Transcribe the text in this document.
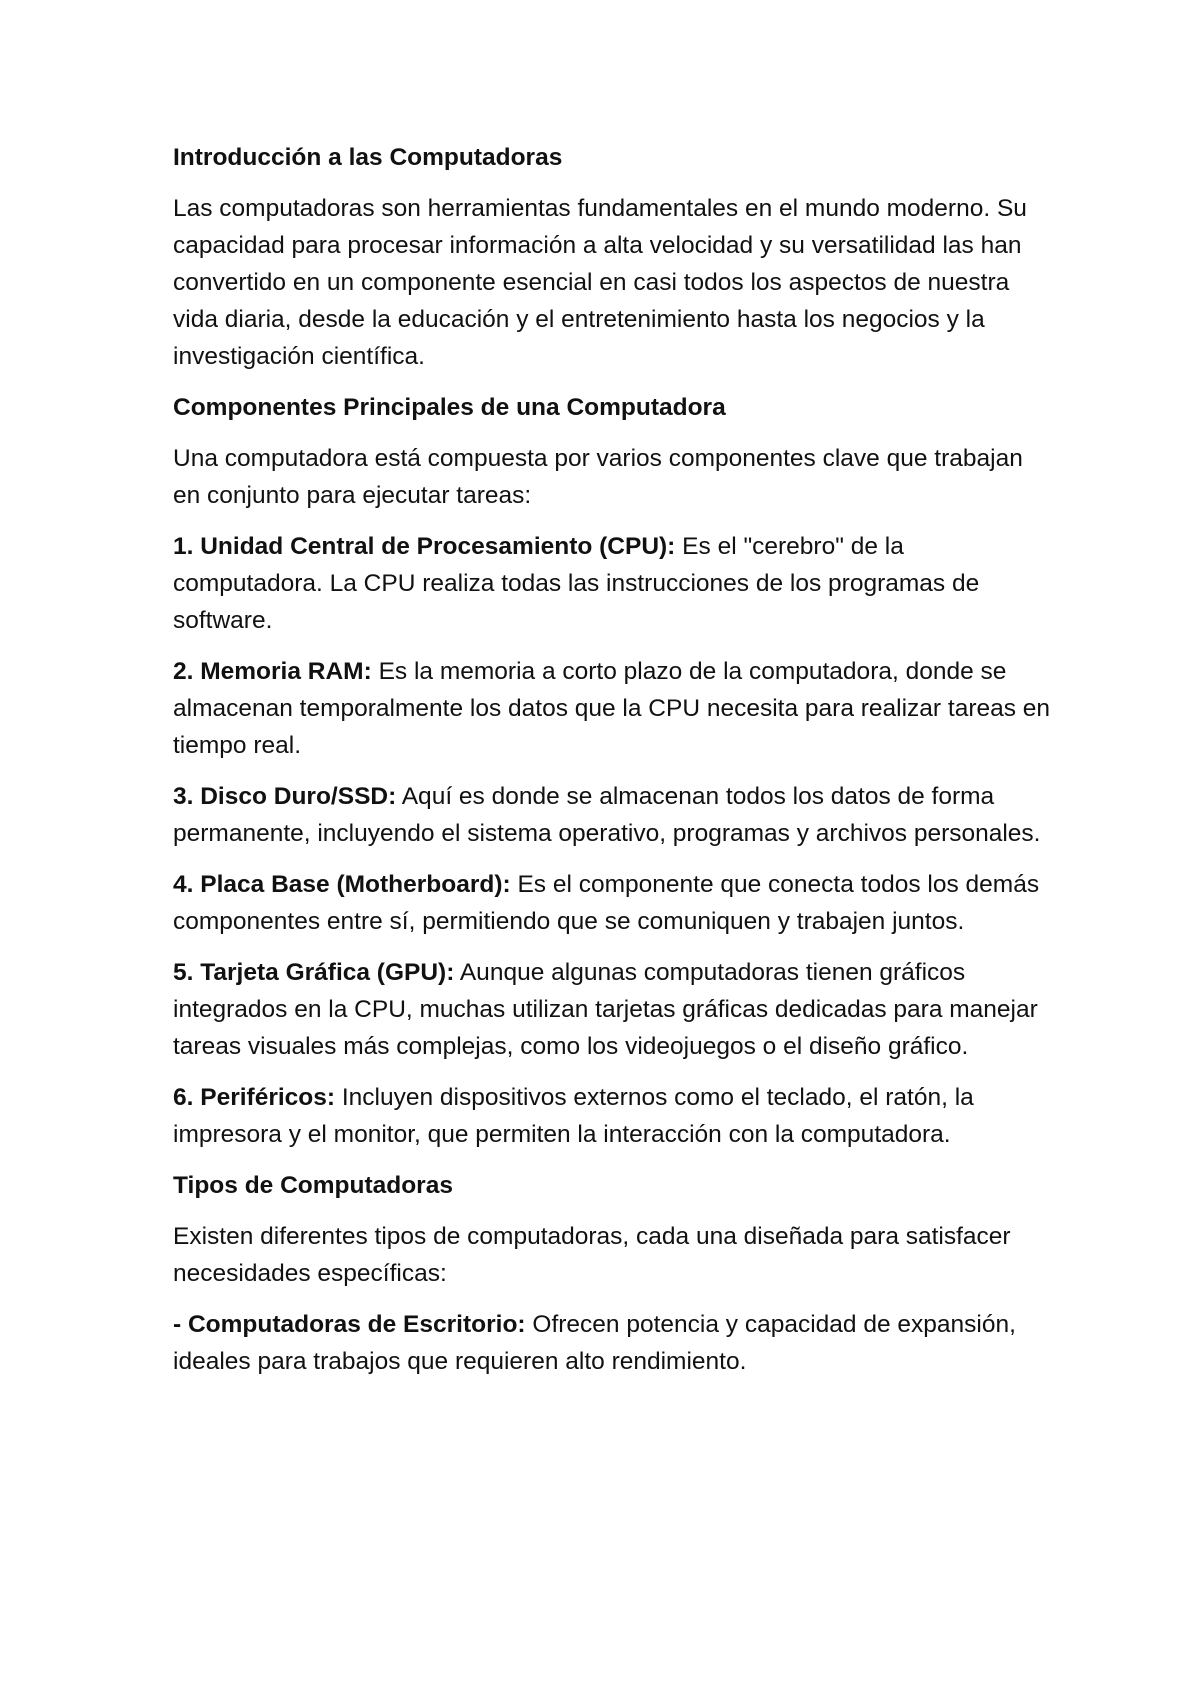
Introducción a las Computadoras
Las computadoras son herramientas fundamentales en el mundo moderno. Su capacidad para procesar información a alta velocidad y su versatilidad las han convertido en un componente esencial en casi todos los aspectos de nuestra vida diaria, desde la educación y el entretenimiento hasta los negocios y la investigación científica.
Componentes Principales de una Computadora
Una computadora está compuesta por varios componentes clave que trabajan en conjunto para ejecutar tareas:
1. Unidad Central de Procesamiento (CPU): Es el "cerebro" de la computadora. La CPU realiza todas las instrucciones de los programas de software.
2. Memoria RAM: Es la memoria a corto plazo de la computadora, donde se almacenan temporalmente los datos que la CPU necesita para realizar tareas en tiempo real.
3. Disco Duro/SSD: Aquí es donde se almacenan todos los datos de forma permanente, incluyendo el sistema operativo, programas y archivos personales.
4. Placa Base (Motherboard): Es el componente que conecta todos los demás componentes entre sí, permitiendo que se comuniquen y trabajen juntos.
5. Tarjeta Gráfica (GPU): Aunque algunas computadoras tienen gráficos integrados en la CPU, muchas utilizan tarjetas gráficas dedicadas para manejar tareas visuales más complejas, como los videojuegos o el diseño gráfico.
6. Periféricos: Incluyen dispositivos externos como el teclado, el ratón, la impresora y el monitor, que permiten la interacción con la computadora.
Tipos de Computadoras
Existen diferentes tipos de computadoras, cada una diseñada para satisfacer necesidades específicas:
- Computadoras de Escritorio: Ofrecen potencia y capacidad de expansión, ideales para trabajos que requieren alto rendimiento.
